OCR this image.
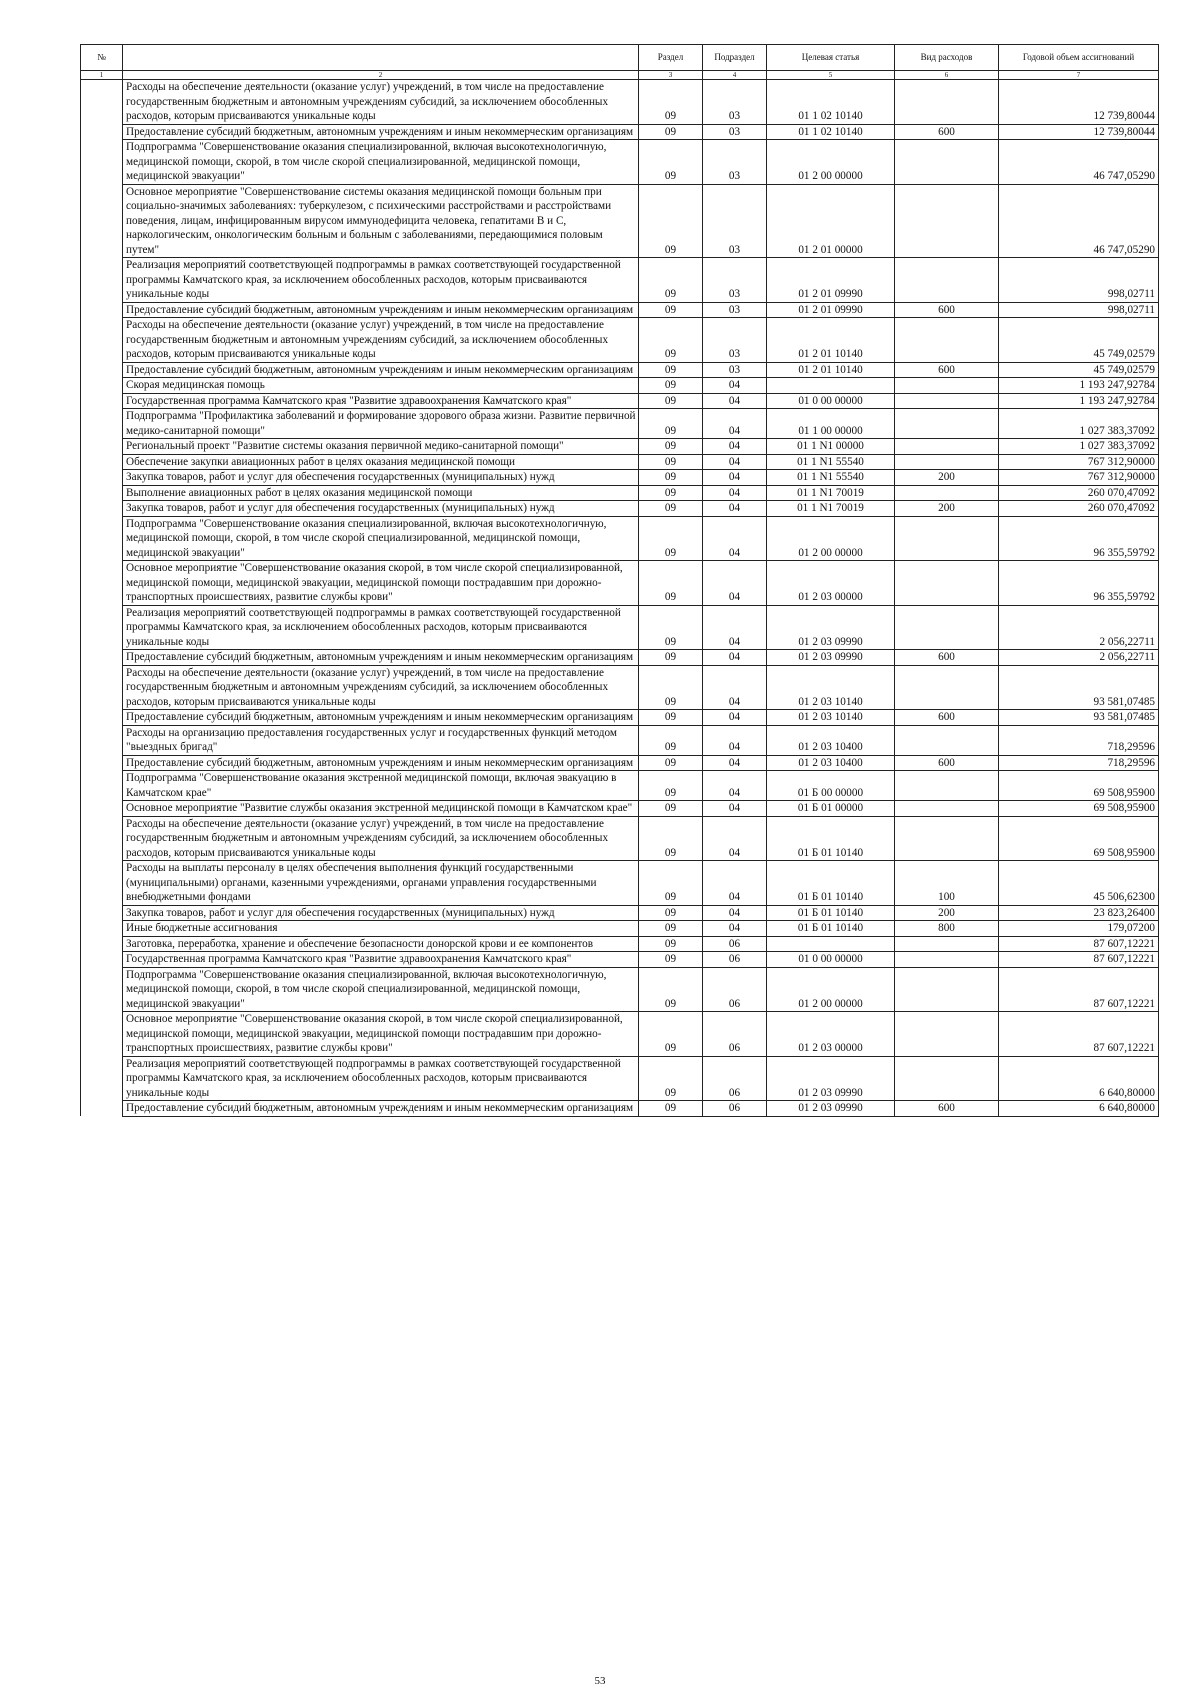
№		Раздел	Подраздел	Целевая статья	Вид расходов	Годовой объем ассигнований
1	2	3	4	5	6	7
	Расходы на обеспечение деятельности (оказание услуг) учреждений, в том числе на предоставление государственным бюджетным и автономным учреждениям субсидий, за исключением обособленных расходов, которым присваиваются уникальные коды	09	03	01 1 02 10140		12 739,80044
	Предоставление субсидий бюджетным, автономным учреждениям и иным некоммерческим организациям	09	03	01 1 02 10140	600	12 739,80044
	Подпрограмма "Совершенствование оказания специализированной, включая высокотехнологичную, медицинской помощи, скорой, в том числе скорой специализированной, медицинской помощи, медицинской эвакуации"	09	03	01 2 00 00000		46 747,05290
	Основное мероприятие "Совершенствование системы оказания медицинской помощи больным при социально-значимых заболеваниях: туберкулезом, с психическими расстройствами и расстройствами поведения, лицам, инфицированным вирусом иммунодефицита человека, гепатитами В и С, наркологическим, онкологическим больным и больным с заболеваниями, передающимися половым путем"	09	03	01 2 01 00000		46 747,05290
	Реализация мероприятий соответствующей подпрограммы в рамках соответствующей государственной программы Камчатского края, за исключением обособленных расходов, которым присваиваются уникальные коды	09	03	01 2 01 09990		998,02711
	Предоставление субсидий бюджетным, автономным учреждениям и иным некоммерческим организациям	09	03	01 2 01 09990	600	998,02711
	Расходы на обеспечение деятельности (оказание услуг) учреждений, в том числе на предоставление государственным бюджетным и автономным учреждениям субсидий, за исключением обособленных расходов, которым присваиваются уникальные коды	09	03	01 2 01 10140		45 749,02579
	Предоставление субсидий бюджетным, автономным учреждениям и иным некоммерческим организациям	09	03	01 2 01 10140	600	45 749,02579
	Скорая медицинская помощь	09	04			1 193 247,92784
	Государственная программа Камчатского края "Развитие здравоохранения Камчатского края"	09	04	01 0 00 00000		1 193 247,92784
	Подпрограмма "Профилактика заболеваний и формирование здорового образа жизни. Развитие первичной медико-санитарной помощи"	09	04	01 1 00 00000		1 027 383,37092
	Региональный проект "Развитие системы оказания первичной медико-санитарной помощи"	09	04	01 1 N1 00000		1 027 383,37092
	Обеспечение закупки авиационных работ в целях оказания медицинской помощи	09	04	01 1 N1 55540		767 312,90000
	Закупка товаров, работ и услуг для обеспечения государственных (муниципальных) нужд	09	04	01 1 N1 55540	200	767 312,90000
	Выполнение авиационных работ в целях оказания медицинской помощи	09	04	01 1 N1 70019		260 070,47092
	Закупка товаров, работ и услуг для обеспечения государственных (муниципальных) нужд	09	04	01 1 N1 70019	200	260 070,47092
	Подпрограмма "Совершенствование оказания специализированной, включая высокотехнологичную, медицинской помощи, скорой, в том числе скорой специализированной, медицинской помощи, медицинской эвакуации"	09	04	01 2 00 00000		96 355,59792
	Основное мероприятие "Совершенствование оказания скорой, в том числе скорой специализированной, медицинской помощи, медицинской эвакуации, медицинской помощи пострадавшим при дорожно-транспортных происшествиях, развитие службы крови"	09	04	01 2 03 00000		96 355,59792
	Реализация мероприятий соответствующей подпрограммы в рамках соответствующей государственной программы Камчатского края, за исключением обособленных расходов, которым присваиваются уникальные коды	09	04	01 2 03 09990		2 056,22711
	Предоставление субсидий бюджетным, автономным учреждениям и иным некоммерческим организациям	09	04	01 2 03 09990	600	2 056,22711
	Расходы на обеспечение деятельности (оказание услуг) учреждений, в том числе на предоставление государственным бюджетным и автономным учреждениям субсидий, за исключением обособленных расходов, которым присваиваются уникальные коды	09	04	01 2 03 10140		93 581,07485
	Предоставление субсидий бюджетным, автономным учреждениям и иным некоммерческим организациям	09	04	01 2 03 10140	600	93 581,07485
	Расходы на организацию предоставления государственных услуг и государственных функций методом "выездных бригад"	09	04	01 2 03 10400		718,29596
	Предоставление субсидий бюджетным, автономным учреждениям и иным некоммерческим организациям	09	04	01 2 03 10400	600	718,29596
	Подпрограмма "Совершенствование оказания экстренной медицинской помощи, включая эвакуацию в Камчатском крае"	09	04	01 Б 00 00000		69 508,95900
	Основное мероприятие "Развитие службы оказания экстренной медицинской помощи в Камчатском крае"	09	04	01 Б 01 00000		69 508,95900
	Расходы на обеспечение деятельности (оказание услуг) учреждений, в том числе на предоставление государственным бюджетным и автономным учреждениям субсидий, за исключением обособленных расходов, которым присваиваются уникальные коды	09	04	01 Б 01 10140		69 508,95900
	Расходы на выплаты персоналу в целях обеспечения выполнения функций государственными (муниципальными) органами, казенными учреждениями, органами управления государственными внебюджетными фондами	09	04	01 Б 01 10140	100	45 506,62300
	Закупка товаров, работ и услуг для обеспечения государственных (муниципальных) нужд	09	04	01 Б 01 10140	200	23 823,26400
	Иные бюджетные ассигнования	09	04	01 Б 01 10140	800	179,07200
	Заготовка, переработка, хранение и обеспечение безопасности донорской крови и ее компонентов	09	06			87 607,12221
	Государственная программа Камчатского края "Развитие здравоохранения Камчатского края"	09	06	01 0 00 00000		87 607,12221
	Подпрограмма "Совершенствование оказания специализированной, включая высокотехнологичную, медицинской помощи, скорой, в том числе скорой специализированной, медицинской помощи, медицинской эвакуации"	09	06	01 2 00 00000		87 607,12221
	Основное мероприятие "Совершенствование оказания скорой, в том числе скорой специализированной, медицинской помощи, медицинской эвакуации, медицинской помощи пострадавшим при дорожно-транспортных происшествиях, развитие службы крови"	09	06	01 2 03 00000		87 607,12221
	Реализация мероприятий соответствующей подпрограммы в рамках соответствующей государственной программы Камчатского края, за исключением обособленных расходов, которым присваиваются уникальные коды	09	06	01 2 03 09990		6 640,80000
	Предоставление субсидий бюджетным, автономным учреждениям и иным некоммерческим организациям	09	06	01 2 03 09990	600	6 640,80000
53
